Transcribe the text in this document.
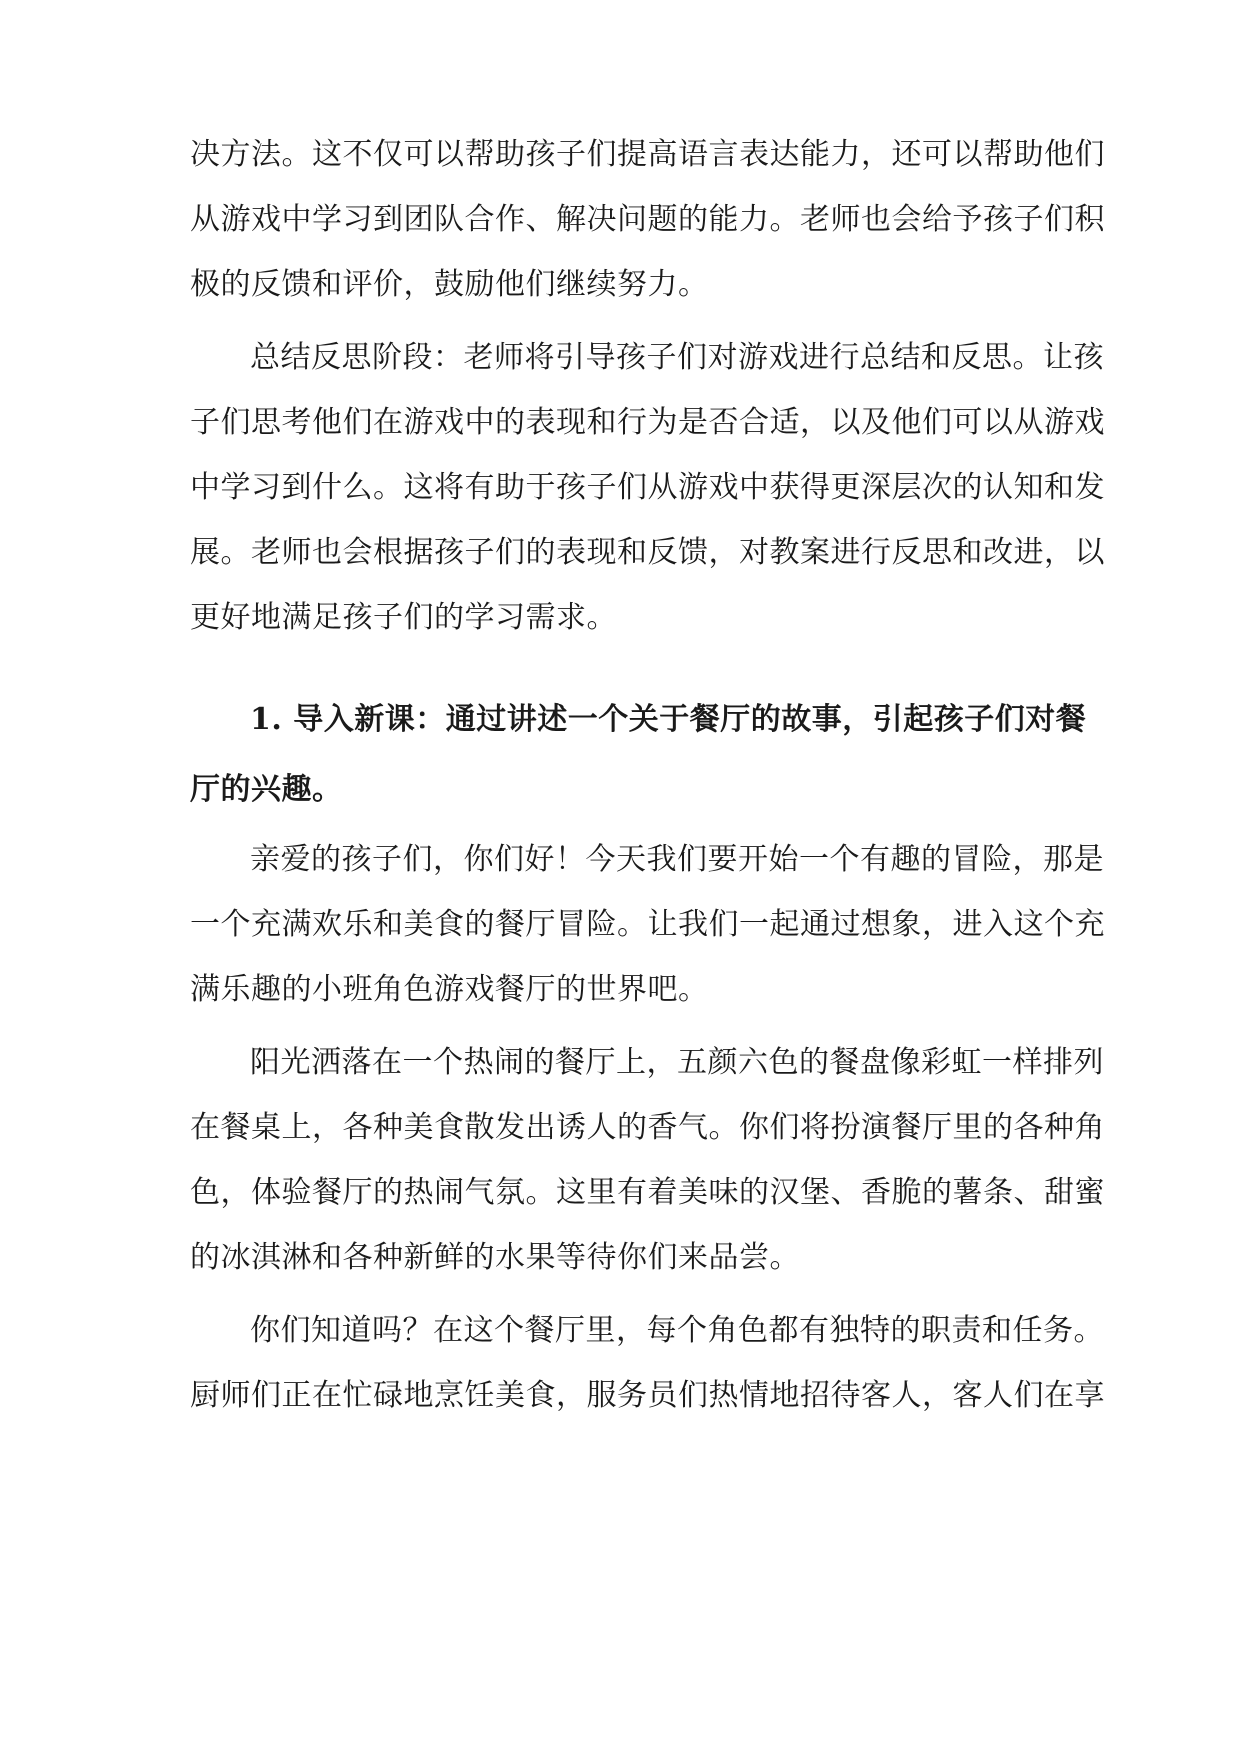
决方法。这不仅可以帮助孩子们提高语言表达能力，还可以帮助他们
从游戏中学习到团队合作、解决问题的能力。老师也会给予孩子们积
极的反馈和评价，鼓励他们继续努力。
总结反思阶段：老师将引导孩子们对游戏进行总结和反思。让孩
子们思考他们在游戏中的表现和行为是否合适，以及他们可以从游戏
中学习到什么。这将有助于孩子们从游戏中获得更深层次的认知和发
展。老师也会根据孩子们的表现和反馈，对教案进行反思和改进，以
更好地满足孩子们的学习需求。
1. 导入新课：通过讲述一个关于餐厅的故事，引起孩子们对餐
厅的兴趣。
亲爱的孩子们，你们好！今天我们要开始一个有趣的冒险，那是
一个充满欢乐和美食的餐厅冒险。让我们一起通过想象，进入这个充
满乐趣的小班角色游戏餐厅的世界吧。
阳光洒落在一个热闹的餐厅上，五颜六色的餐盘像彩虹一样排列
在餐桌上，各种美食散发出诱人的香气。你们将扮演餐厅里的各种角
色，体验餐厅的热闹气氛。这里有着美味的汉堡、香脆的薯条、甜蜜
的冰淇淋和各种新鲜的水果等待你们来品尝。
你们知道吗？在这个餐厅里，每个角色都有独特的职责和任务。
厨师们正在忙碌地烹饪美食，服务员们热情地招待客人，客人们在享
